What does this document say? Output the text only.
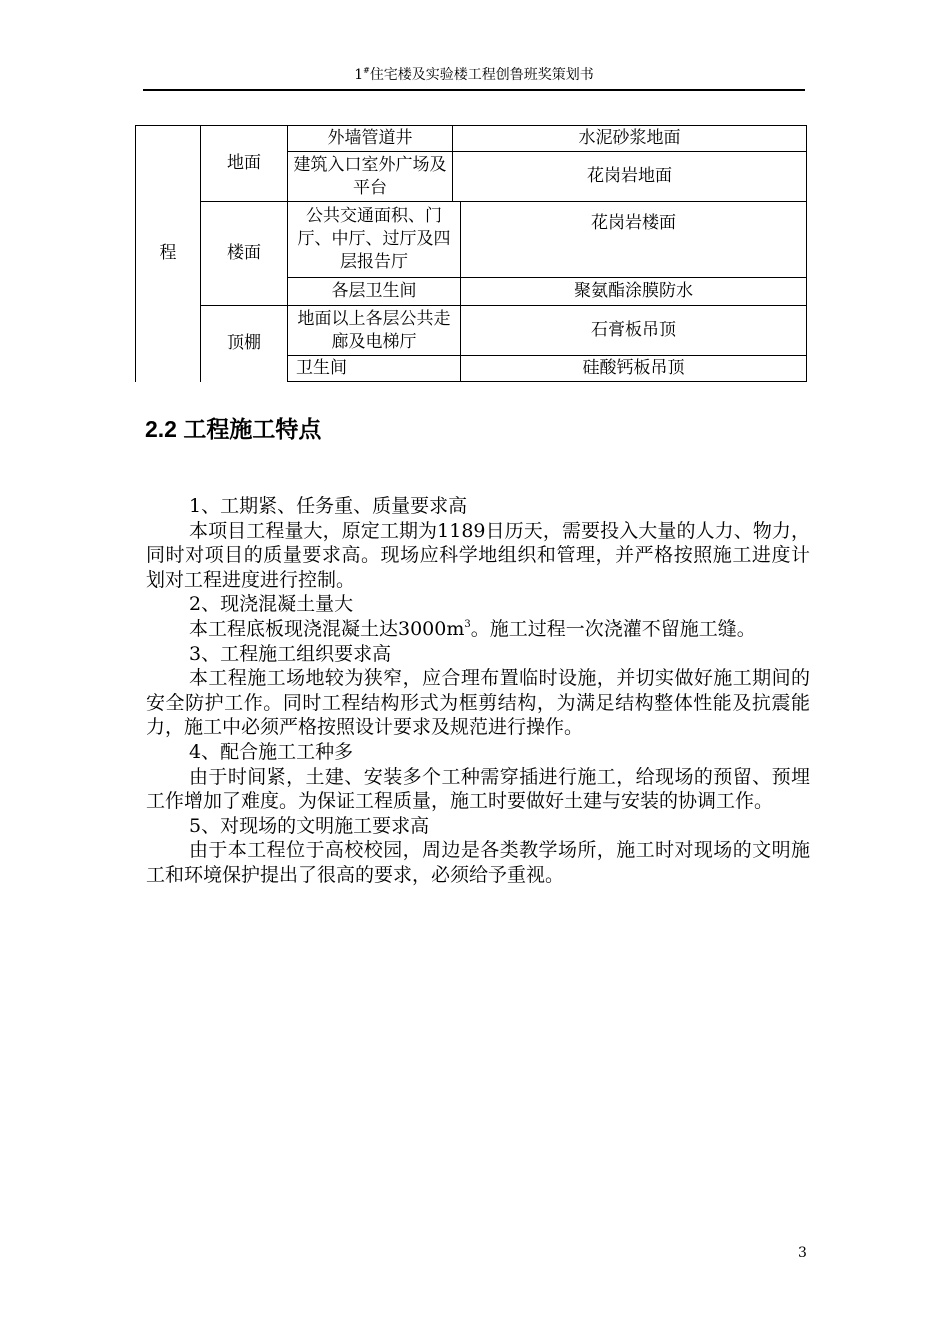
1#住宅楼及实验楼工程创鲁班奖策划书
程	地面	外墙管道井	水泥砂浆地面	
		建筑入口室外广场及平台	花岗岩地面	
	楼面	公共交通面积、门厅、中厅、过厅及四层报告厅		花岗岩楼面
		各层卫生间		聚氨酯涂膜防水
	顶棚	地面以上各层公共走廊及电梯厅		石膏板吊顶
		卫生间		硅酸钙板吊顶
2.2 工程施工特点

1、工期紧、任务重、质量要求高

本项目工程量大，原定工期为1189日历天，需要投入大量的人力、物力，同时对项目的质量要求高。现场应科学地组织和管理，并严格按照施工进度计划对工程进度进行控制。

2、现浇混凝土量大

本工程底板现浇混凝土达$3000m^3$。施工过程一次浇灌不留施工缝。

3、工程施工组织要求高

本工程施工场地较为狭窄，应合理布置临时设施，并切实做好施工期间的安全防护工作。同时工程结构形式为框剪结构，为满足结构整体性能及抗震能力，施工中必须严格按照设计要求及规范进行操作。

4、配合施工工种多

由于时间紧，土建、安装多个工种需穿插进行施工，给现场的预留、预埋工作增加了难度。为保证工程质量，施工时要做好土建与安装的协调工作。

5、对现场的文明施工要求高

由于本工程位于高校校园，周边是各类教学场所，施工时对现场的文明施工和环境保护提出了很高的要求，必须给予重视。

3
